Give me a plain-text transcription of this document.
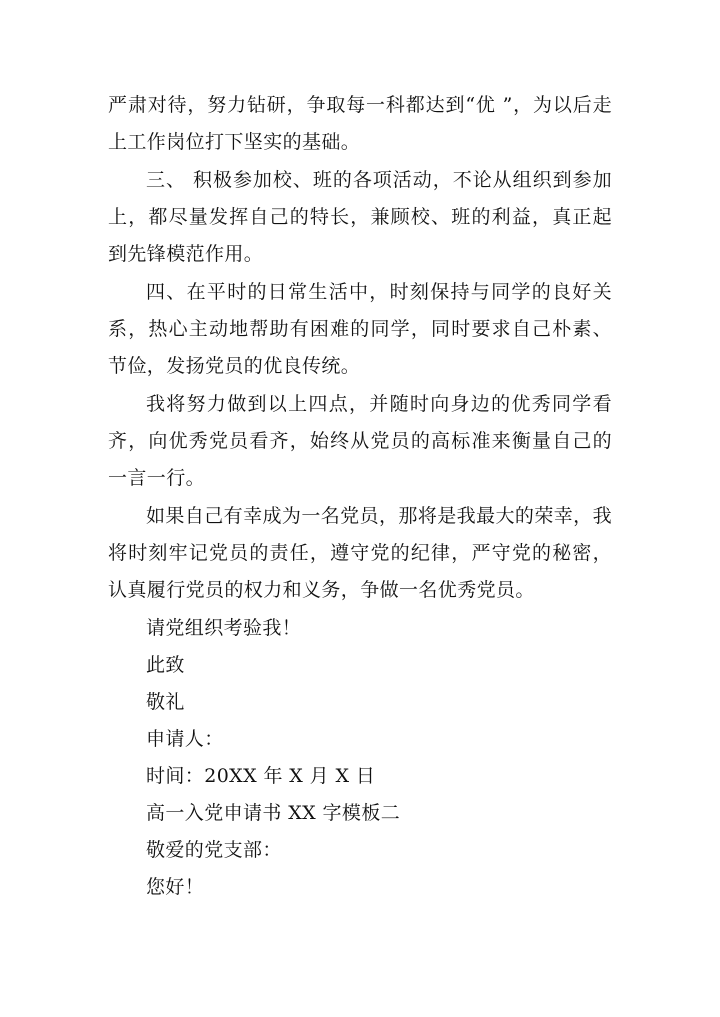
严肃对待，努力钻研，争取每一科都达到“优 ”，为以后走上工作岗位打下坚实的基础。

三、 积极参加校、班的各项活动，不论从组织到参加上，都尽量发挥自己的特长，兼顾校、班的利益，真正起到先锋模范作用。

四、在平时的日常生活中，时刻保持与同学的良好关系，热心主动地帮助有困难的同学，同时要求自己朴素、节俭，发扬党员的优良传统。

我将努力做到以上四点，并随时向身边的优秀同学看齐，向优秀党员看齐，始终从党员的高标准来衡量自己的一言一行。

如果自己有幸成为一名党员，那将是我最大的荣幸，我将时刻牢记党员的责任，遵守党的纪律，严守党的秘密，认真履行党员的权力和义务，争做一名优秀党员。

请党组织考验我！

此致

敬礼

申请人：

时间：20XX 年 X 月 X 日

高一入党申请书 XX 字模板二

敬爱的党支部：

您好！
